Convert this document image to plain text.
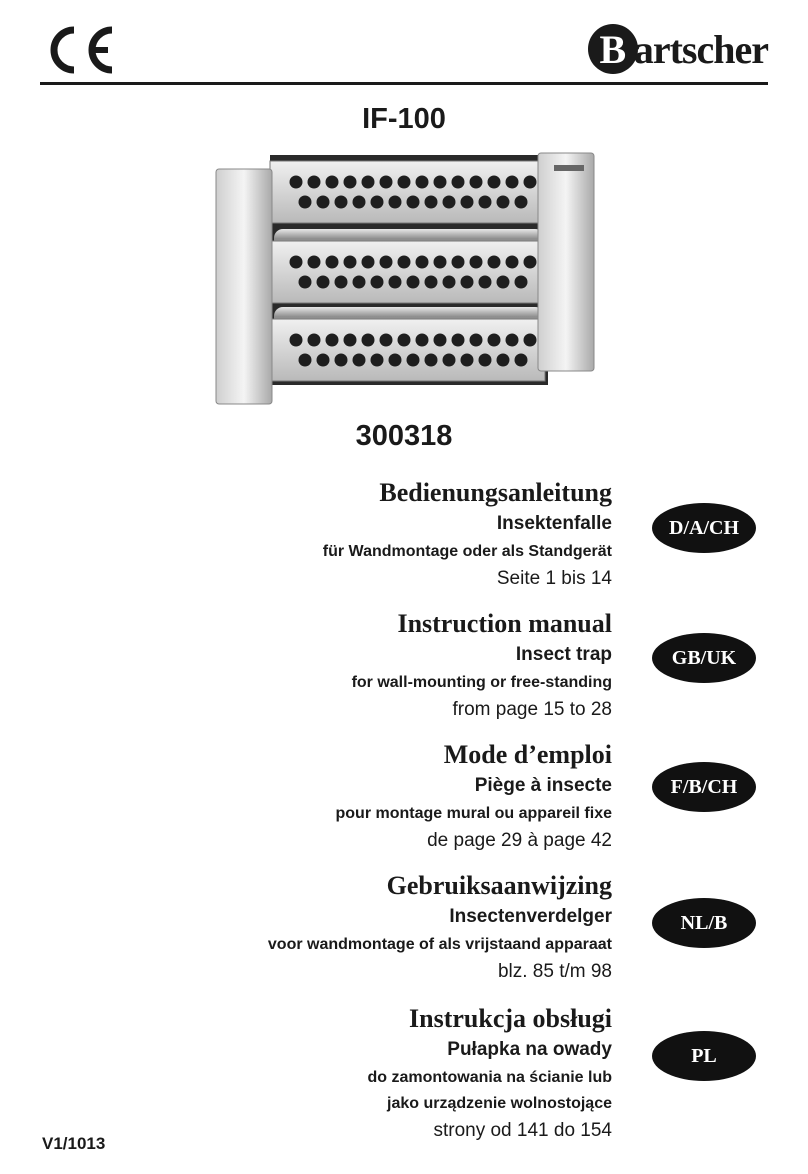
B artscher
IF-100
300318
Bedienungsanleitung
Insektenfalle
für Wandmontage oder als Standgerät
Seite 1 bis 14
D/A/CH
Instruction manual
Insect trap
for wall-mounting or free-standing
from page 15 to 28
GB/UK
Mode d’emploi
Piège à insecte
pour montage mural ou appareil fixe
de page 29 à page 42
F/B/CH
Gebruiksaanwijzing
Insectenverdelger
voor wandmontage of als vrijstaand apparaat
blz. 85 t/m 98
NL/B
Instrukcja obsługi
Pułapka na owady
do zamontowania na ścianie lub
jako urządzenie wolnostojące
strony od 141 do 154
PL
V1/1013
